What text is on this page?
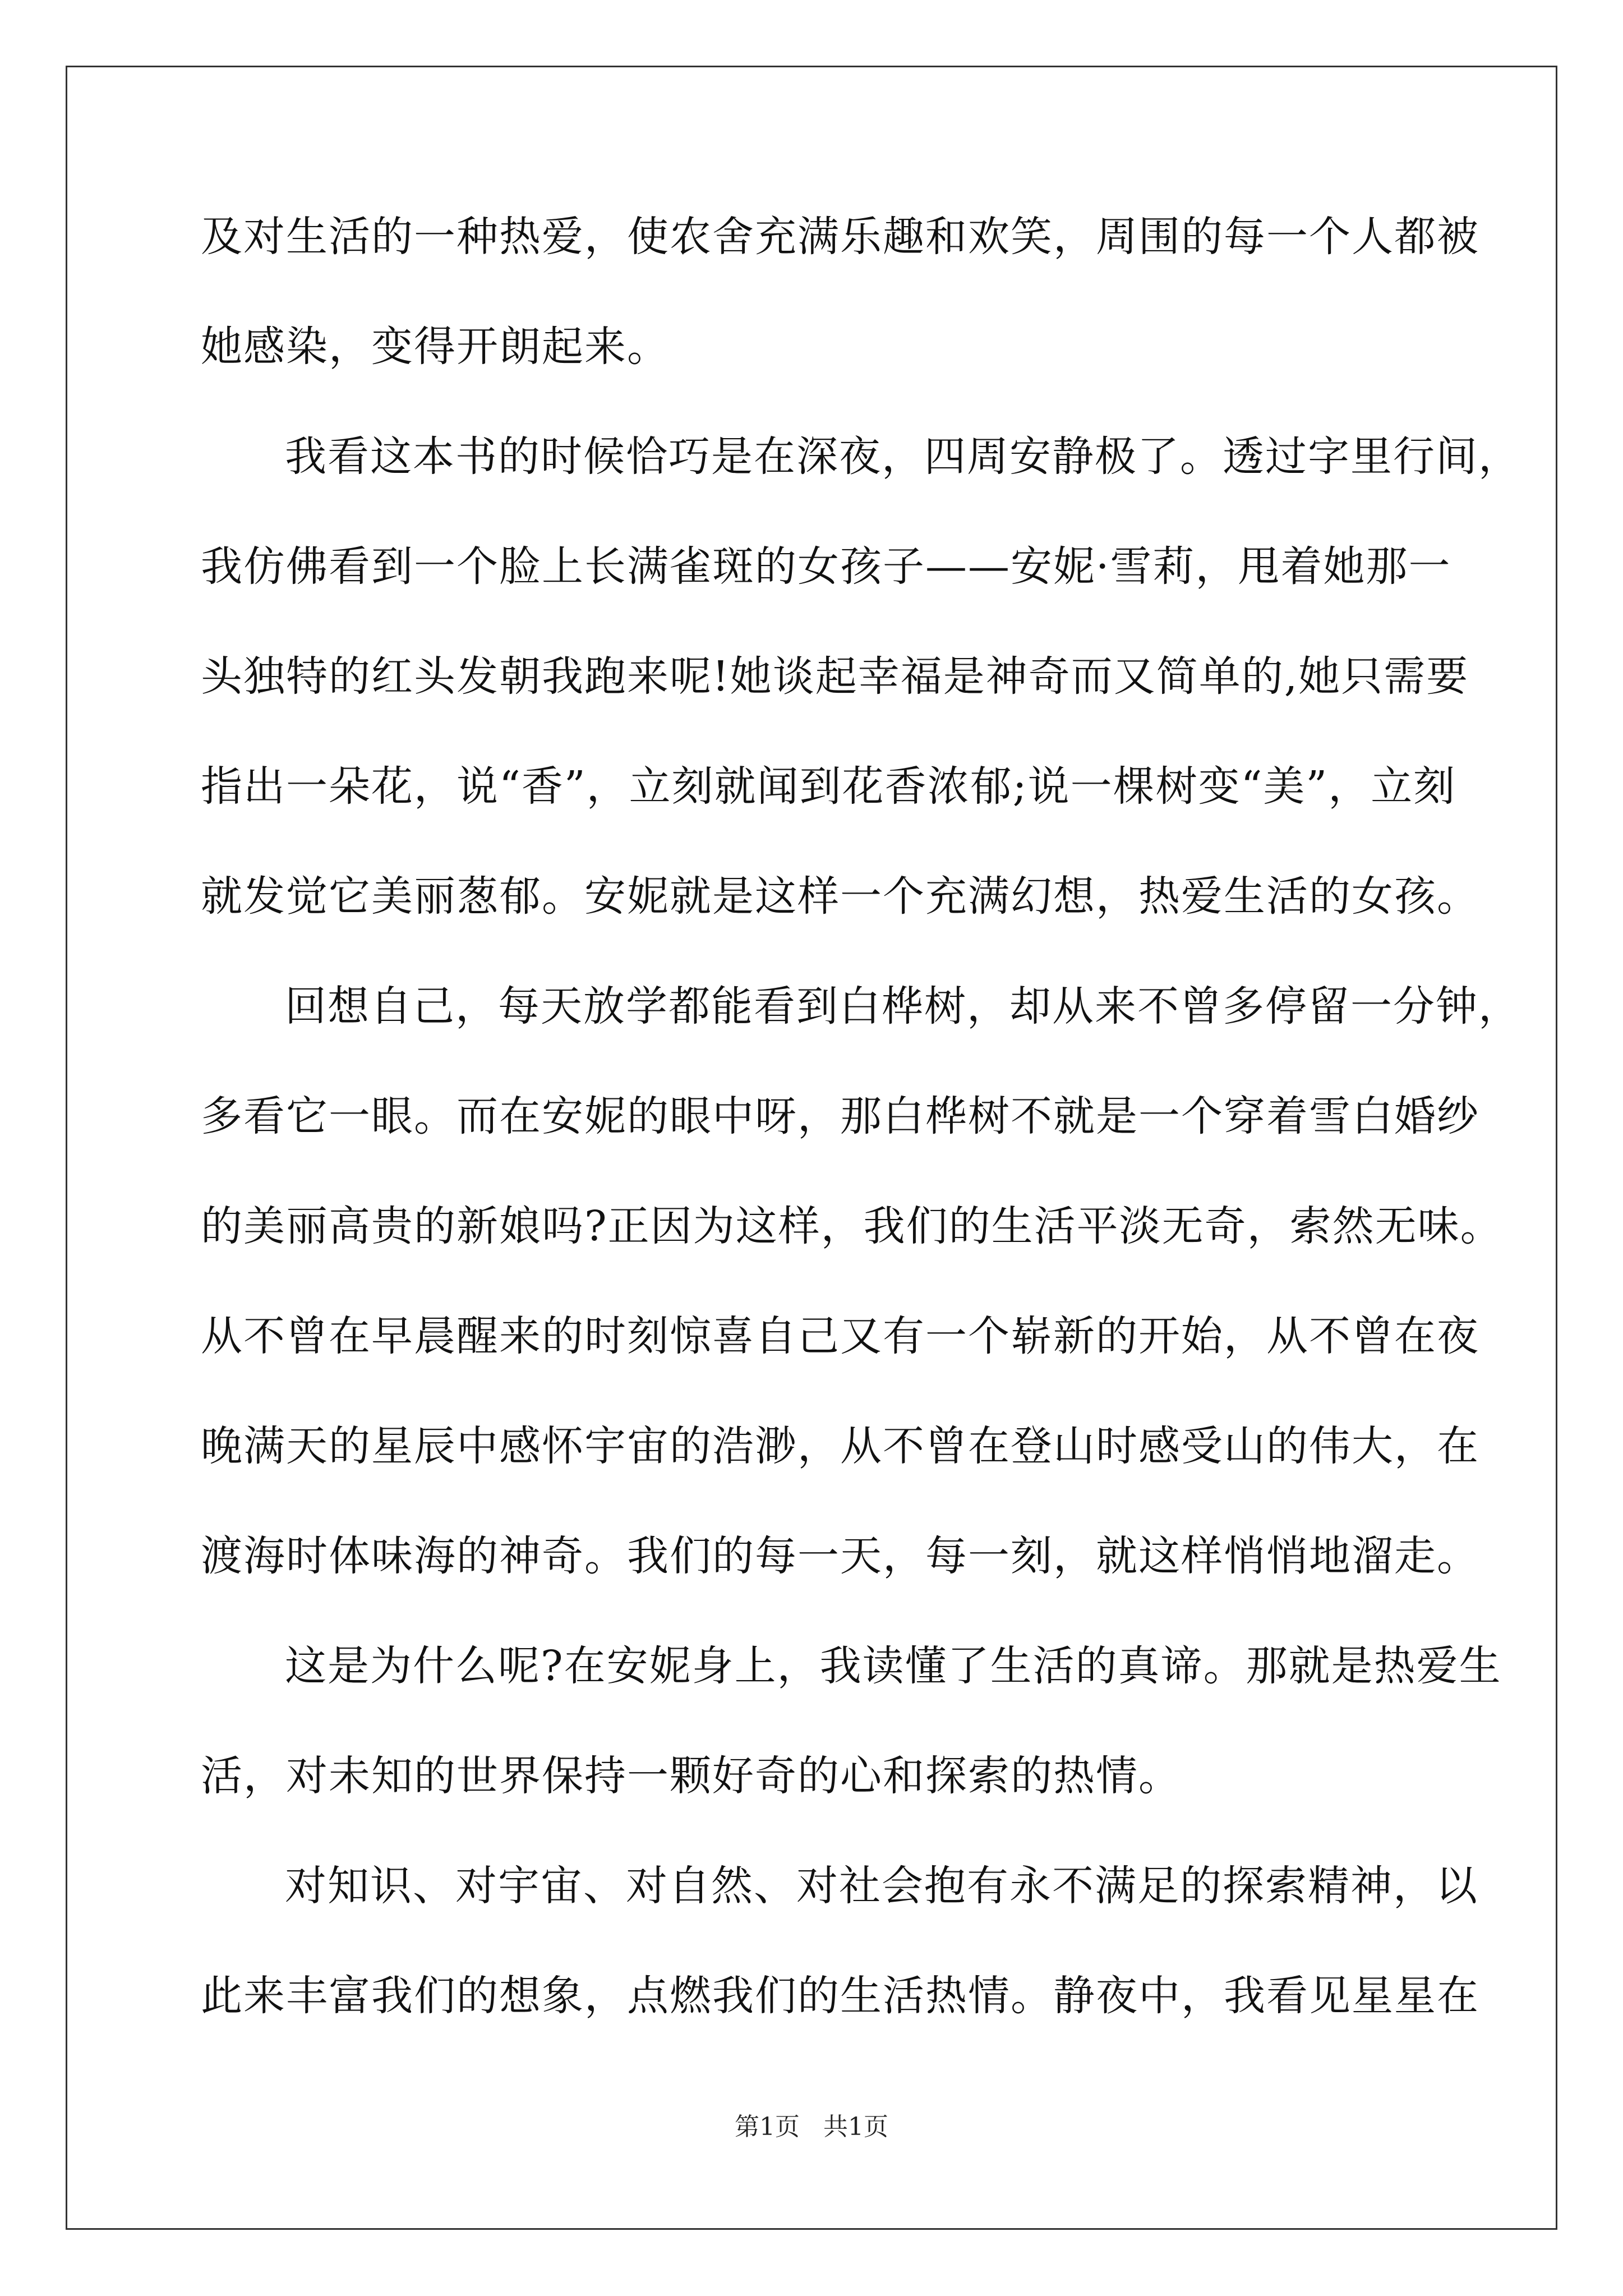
及对生活的一种热爱，使农舍充满乐趣和欢笑，周围的每一个人都被
她感染，变得开朗起来。
我看这本书的时候恰巧是在深夜，四周安静极了。透过字里行间，
我仿佛看到一个脸上长满雀斑的女孩子——安妮·雪莉，甩着她那一
头独特的红头发朝我跑来呢!她谈起幸福是神奇而又简单的,她只需要
指出一朵花，说“香”，立刻就闻到花香浓郁;说一棵树变“美”，立刻
就发觉它美丽葱郁。安妮就是这样一个充满幻想，热爱生活的女孩。
回想自己，每天放学都能看到白桦树，却从来不曾多停留一分钟，
多看它一眼。而在安妮的眼中呀，那白桦树不就是一个穿着雪白婚纱
的美丽高贵的新娘吗?正因为这样，我们的生活平淡无奇，索然无味。
从不曾在早晨醒来的时刻惊喜自己又有一个崭新的开始，从不曾在夜
晚满天的星辰中感怀宇宙的浩渺，从不曾在登山时感受山的伟大，在
渡海时体味海的神奇。我们的每一天，每一刻，就这样悄悄地溜走。
这是为什么呢?在安妮身上，我读懂了生活的真谛。那就是热爱生
活，对未知的世界保持一颗好奇的心和探索的热情。
对知识、对宇宙、对自然、对社会抱有永不满足的探索精神，以
此来丰富我们的想象，点燃我们的生活热情。静夜中，我看见星星在
第1页   共1页
